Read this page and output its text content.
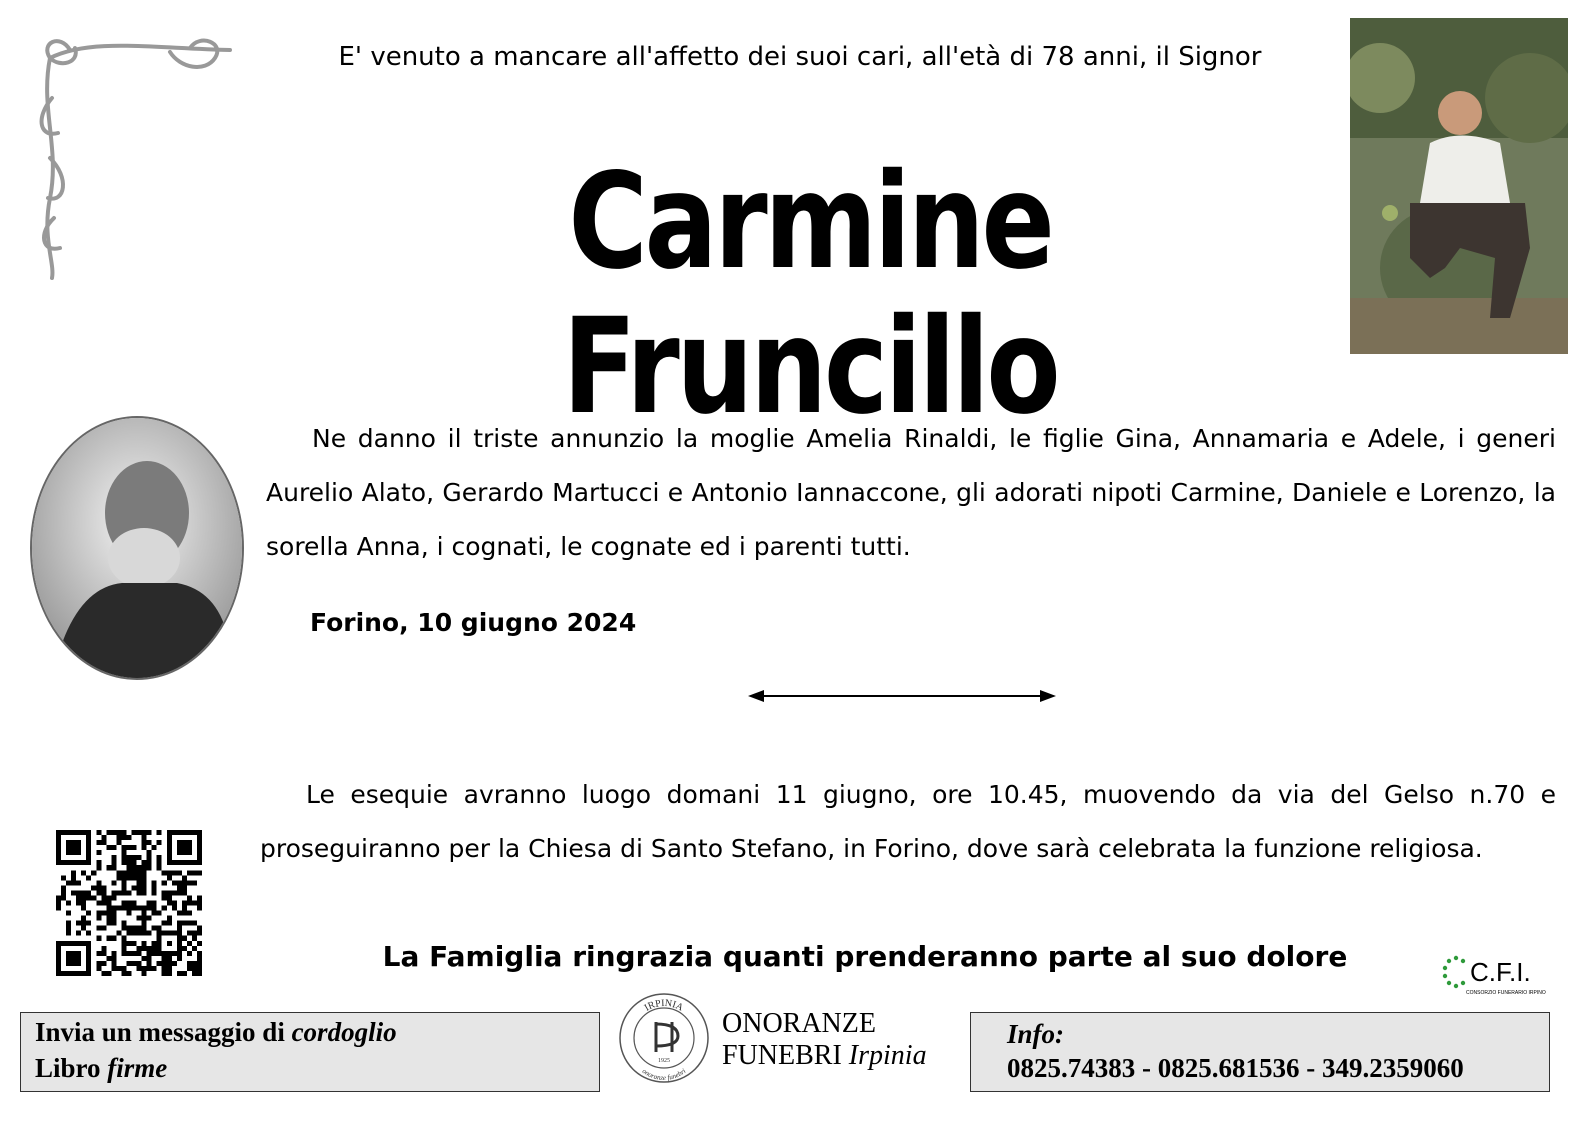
E' venuto a mancare all'affetto dei suoi cari, all'età di 78 anni, il Signor
Carmine Fruncillo
Ne danno il triste annunzio la moglie Amelia Rinaldi, le figlie Gina, Annamaria e Adele, i generi Aurelio Alato, Gerardo Martucci e Antonio Iannaccone, gli adorati nipoti Carmine, Daniele e Lorenzo, la sorella Anna, i cognati, le cognate ed i parenti tutti.
Forino, 10 giugno 2024
Le esequie avranno luogo domani 11 giugno, ore 10.45, muovendo da via del Gelso n.70 e proseguiranno per la Chiesa di Santo Stefano, in Forino, dove sarà celebrata la funzione religiosa.
La Famiglia ringrazia quanti prenderanno parte al suo dolore	C.F.I.
CONSORZIO FUNERARIO IRPINO
Invia un messaggio di cordoglio
Libro firme
IRPINIA
onoranze funebri
1925
ONORANZE
FUNEBRI Irpinia
Info:
0825.74383 - 0825.681536 - 349.2359060
